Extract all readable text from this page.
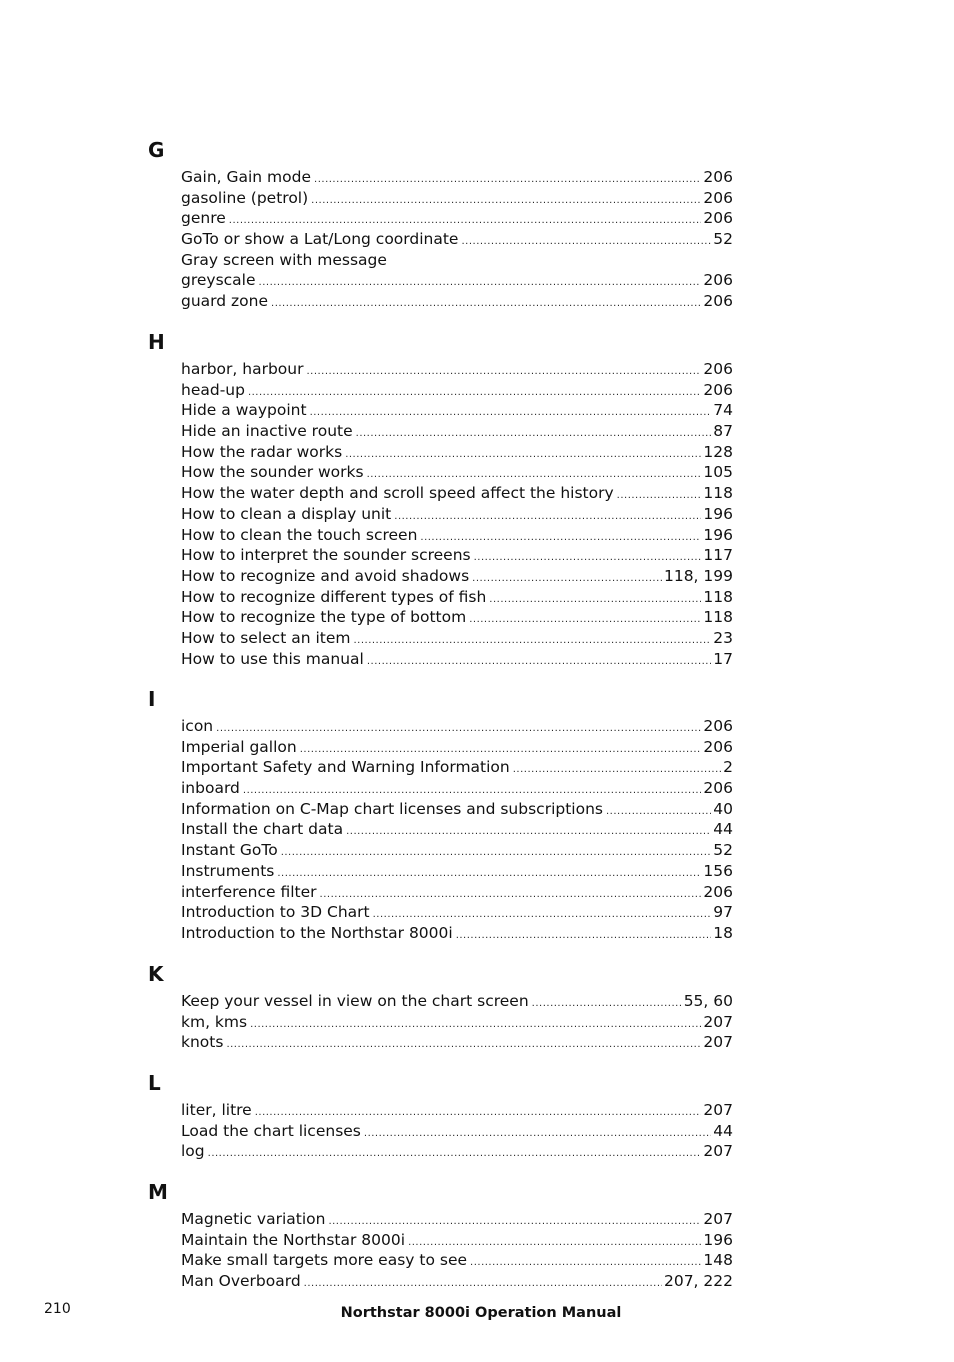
G
Gain, Gain mode .....	206
gasoline (petrol) .....	206
genre .....	206
GoTo or show a Lat/Long coordinate .....	52
Gray screen with message
greyscale .....	206
guard zone .....	206
H
harbor, harbour .....	206
head-up .....	206
Hide a waypoint .....	74
Hide an inactive route .....	87
How the radar works .....	128
How the sounder works .....	105
How the water depth and scroll speed affect the history .....	118
How to clean a display unit .....	196
How to clean the touch screen .....	196
How to interpret the sounder screens .....	117
How to recognize and avoid shadows .....	118, 199
How to recognize different types of fish .....	118
How to recognize the type of bottom .....	118
How to select an item .....	23
How to use this manual .....	17
I
icon .....	206
Imperial gallon .....	206
Important Safety and Warning Information .....	2
inboard .....	206
Information on C-Map chart licenses and subscriptions .....	40
Install the chart data .....	44
Instant GoTo .....	52
Instruments .....	156
interference filter .....	206
Introduction to 3D Chart .....	97
Introduction to the Northstar 8000i .....	18
K
Keep your vessel in view on the chart screen .....	55, 60
km, kms .....	207
knots .....	207
L
liter, litre .....	207
Load the chart licenses .....	44
log .....	207
M
Magnetic variation .....	207
Maintain the Northstar 8000i .....	196
Make small targets more easy to see .....	148
Man Overboard .....	207, 222
210	Northstar 8000i Operation Manual
